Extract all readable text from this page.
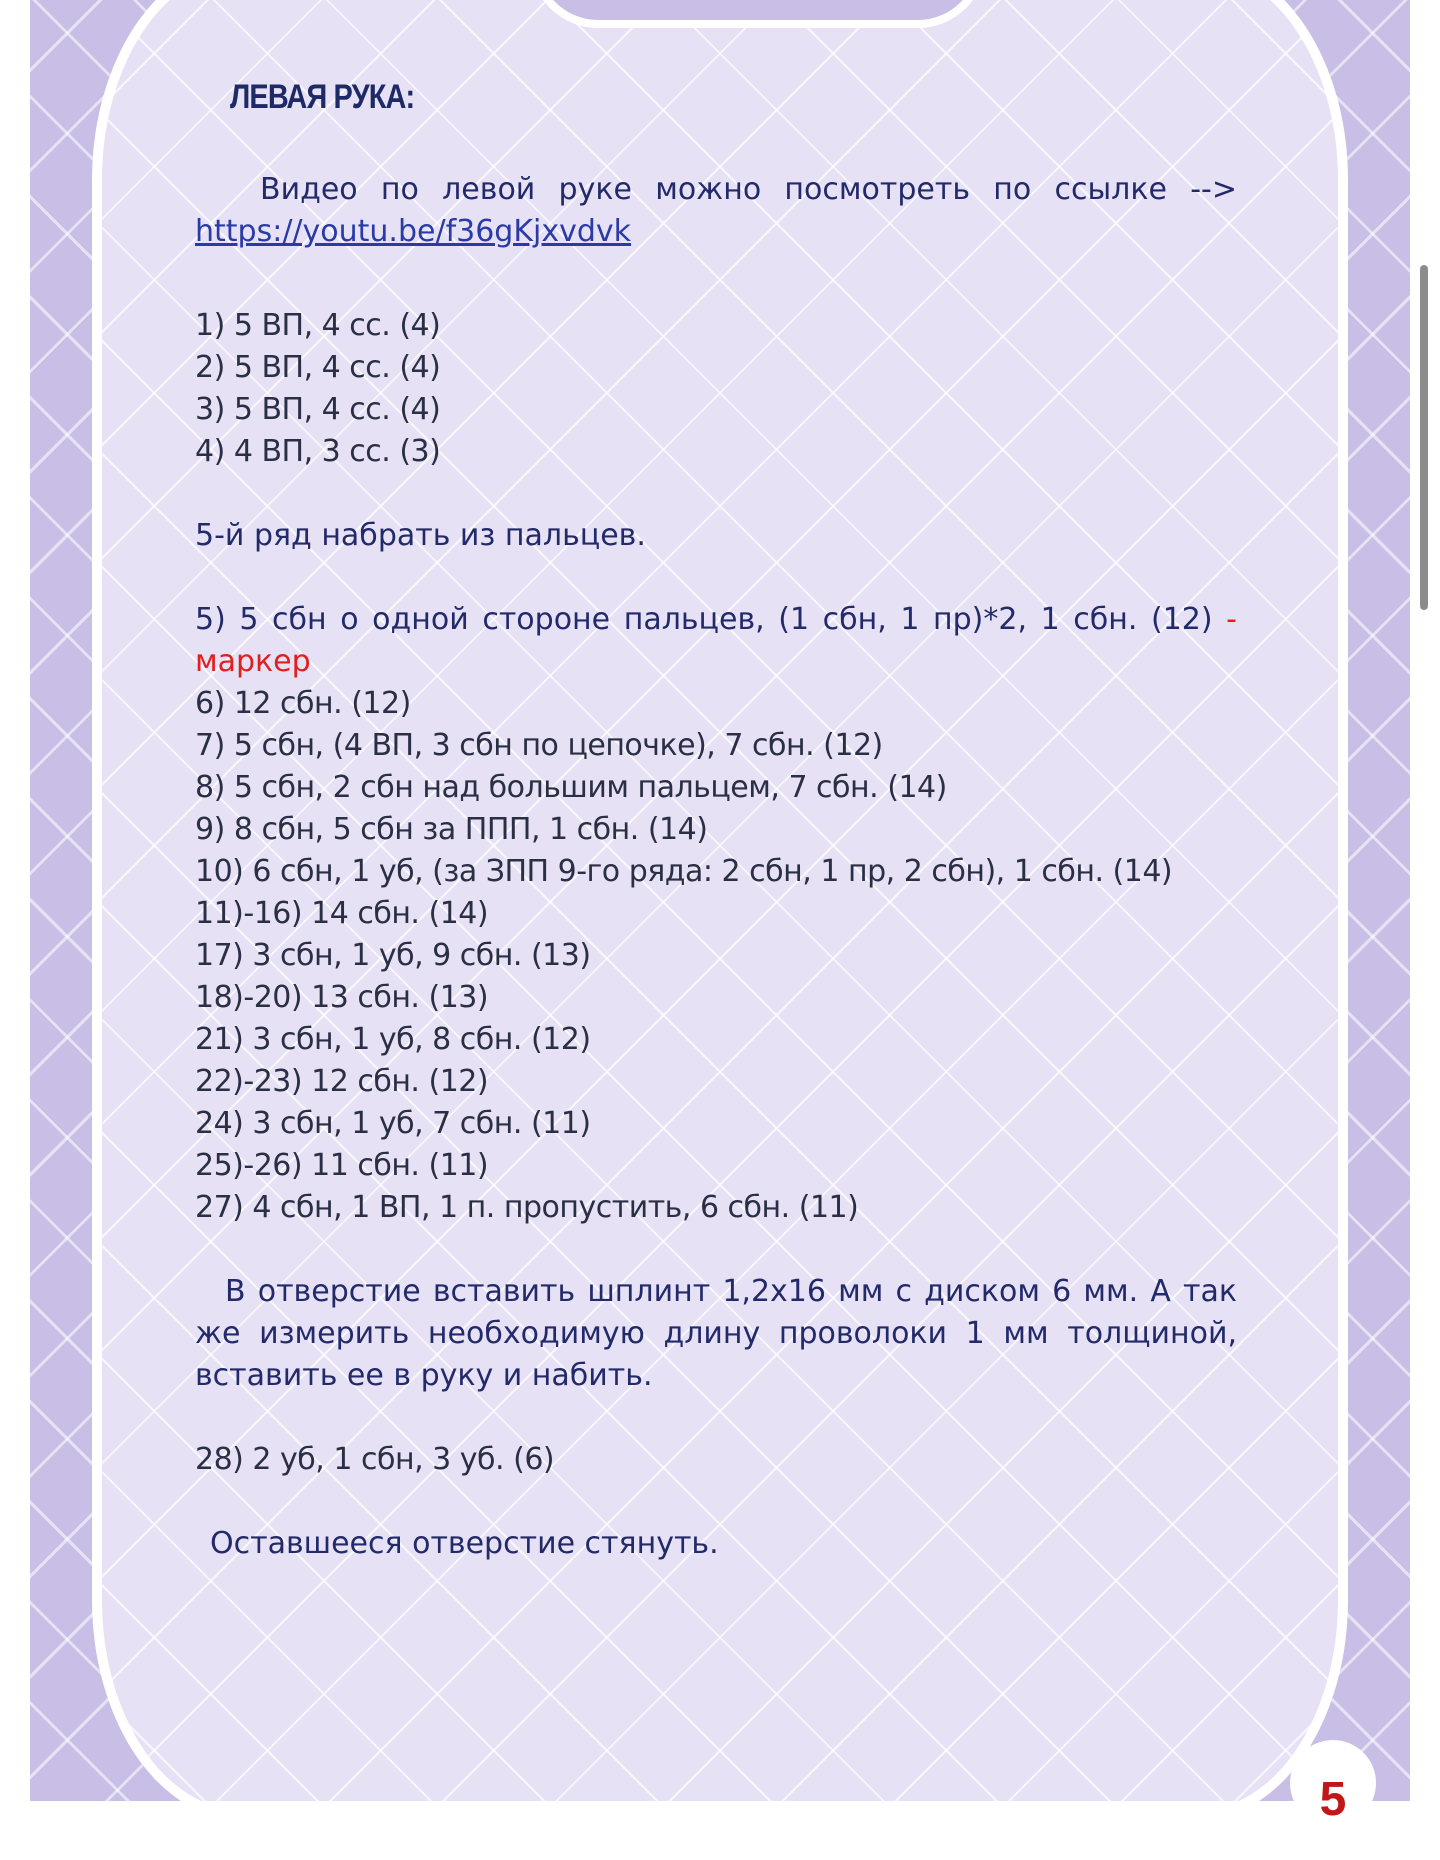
ЛЕВАЯ РУКА:

Видео по левой руке можно посмотреть по ссылке --> https://youtu.be/f36gKjxvdvk

1) 5 ВП, 4 сс. (4)
2) 5 ВП, 4 сс. (4)
3) 5 ВП, 4 сс. (4)
4) 4 ВП, 3 сс. (3)

5-й ряд набрать из пальцев.

5) 5 сбн о одной стороне пальцев, (1 сбн, 1 пр)*2, 1 сбн. (12) - маркер

6) 12 сбн. (12)
7) 5 сбн, (4 ВП, 3 сбн по цепочке), 7 сбн. (12)
8) 5 сбн, 2 сбн над большим пальцем, 7 сбн. (14)
9) 8 сбн, 5 сбн за ППП, 1 сбн. (14)
10) 6 сбн, 1 уб, (за ЗПП 9-го ряда: 2 сбн, 1 пр, 2 сбн), 1 сбн. (14)
11)-16) 14 сбн. (14)
17) 3 сбн, 1 уб, 9 сбн. (13)
18)-20) 13 сбн. (13)
21) 3 сбн, 1 уб, 8 сбн. (12)
22)-23) 12 сбн. (12)
24) 3 сбн, 1 уб, 7 сбн. (11)
25)-26) 11 сбн. (11)
27) 4 сбн, 1 ВП, 1 п. пропустить, 6 сбн. (11)

В отверстие вставить шплинт 1,2х16 мм с диском 6 мм. А так же измерить необходимую длину проволоки 1 мм толщиной, вставить ее в руку и набить.

28) 2 уб, 1 сбн, 3 уб. (6)

Оставшееся отверстие стянуть.

5
